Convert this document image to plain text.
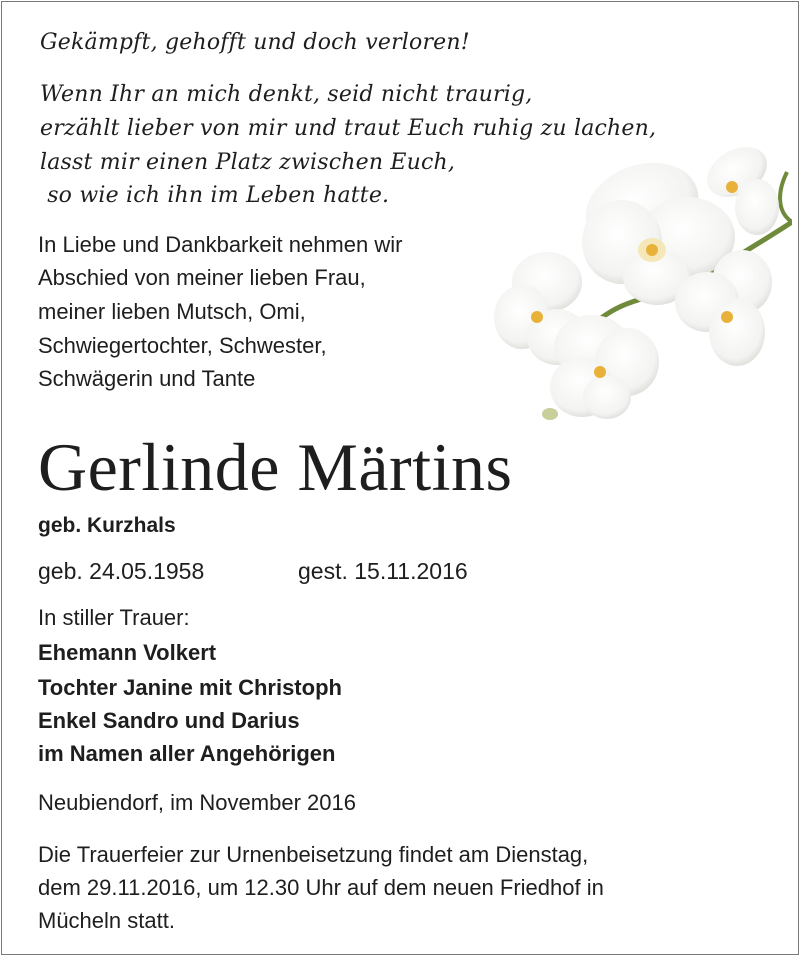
Gekämpft, gehofft und doch verloren!
Wenn Ihr an mich denkt, seid nicht traurig,
erzählt lieber von mir und traut Euch ruhig zu lachen,
lasst mir einen Platz zwischen Euch,
so wie ich ihn im Leben hatte.
In Liebe und Dankbarkeit nehmen wir
Abschied von meiner lieben Frau,
meiner lieben Mutsch, Omi,
Schwiegertochter, Schwester,
Schwägerin und Tante
Gerlinde Märtins
geb. Kurzhals
geb. 24.05.1958	gest. 15.11.2016
In stiller Trauer:
Ehemann Volkert
Tochter Janine mit Christoph
Enkel Sandro und Darius
im Namen aller Angehörigen
Neubiendorf, im November 2016
Die Trauerfeier zur Urnenbeisetzung findet am Dienstag,
dem 29.11.2016, um 12.30 Uhr auf dem neuen Friedhof in
Mücheln statt.
